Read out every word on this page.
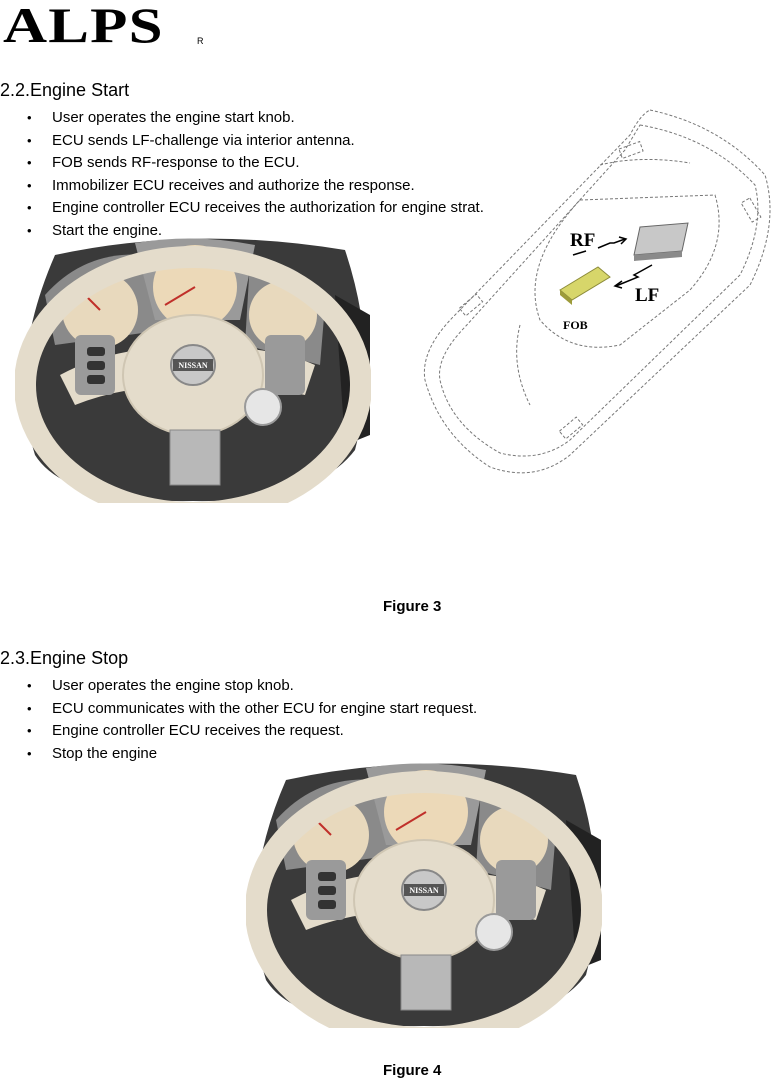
ALPS	R
2.2.Engine Start
• User operates the engine start knob.
• ECU sends LF-challenge via interior antenna.
• FOB sends RF-response to the ECU.
• Immobilizer ECU receives and authorize the response.
• Engine controller ECU receives the authorization for engine strat.
• Start the engine.
NISSAN
RF
LF
FOB
Figure 3
2.3.Engine Stop
• User operates the engine stop knob.
• ECU communicates with the other ECU for engine start request.
• Engine controller ECU receives the request.
• Stop the engine
NISSAN
Figure 4
